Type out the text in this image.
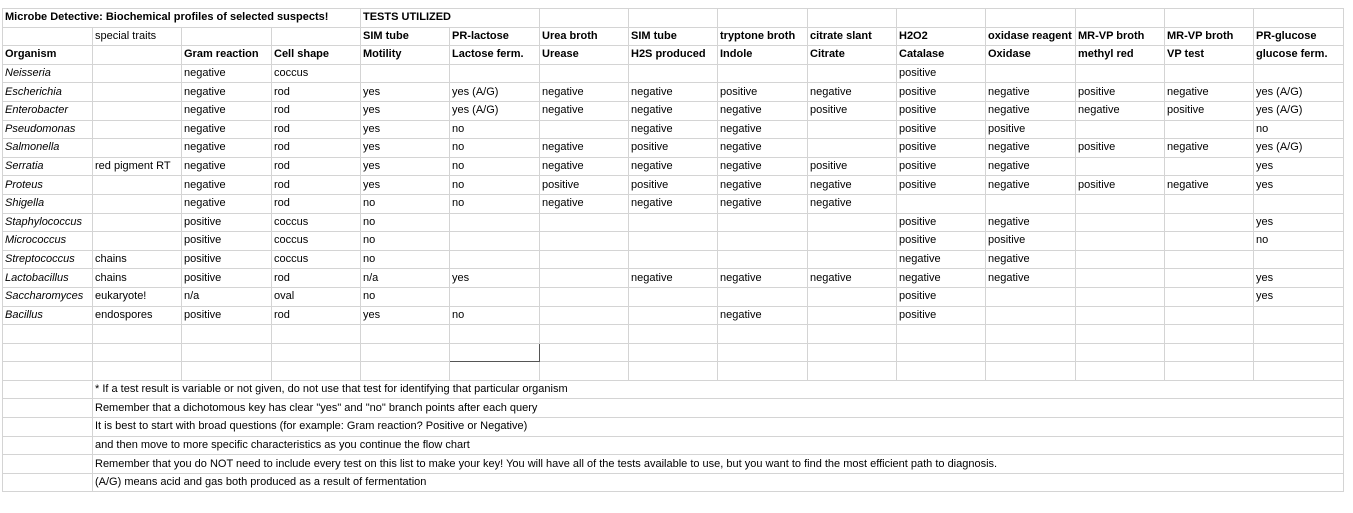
Microbe Detective: Biochemical profiles of selected suspects!				TESTS UTILIZED										
	special traits			SIM tube	PR-lactose	Urea broth	SIM tube	tryptone broth	citrate slant	H2O2	oxidase reagent	MR-VP broth	MR-VP broth	PR-glucose
Organism		Gram reaction	Cell shape	Motility	Lactose ferm.	Urease	H2S produced	Indole	Citrate	Catalase	Oxidase	methyl red	VP test	glucose ferm.
Neisseria		negative	coccus							positive				
Escherichia		negative	rod	yes	yes (A/G)	negative	negative	positive	negative	positive	negative	positive	negative	yes (A/G)
Enterobacter		negative	rod	yes	yes (A/G)	negative	negative	negative	positive	positive	negative	negative	positive	yes (A/G)
Pseudomonas		negative	rod	yes	no		negative	negative		positive	positive			no
Salmonella		negative	rod	yes	no	negative	positive	negative		positive	negative	positive	negative	yes (A/G)
Serratia	red pigment RT	negative	rod	yes	no	negative	negative	negative	positive	positive	negative			yes
Proteus		negative	rod	yes	no	positive	positive	negative	negative	positive	negative	positive	negative	yes
Shigella		negative	rod	no	no	negative	negative	negative	negative					
Staphylococcus		positive	coccus	no						positive	negative			yes
Micrococcus		positive	coccus	no						positive	positive			no
Streptococcus	chains	positive	coccus	no						negative	negative			
Lactobacillus	chains	positive	rod	n/a	yes		negative	negative	negative	negative	negative			yes
Saccharomyces	eukaryote!	n/a	oval	no						positive				yes
Bacillus	endospores	positive	rod	yes	no			negative		positive				

	* If a test result is variable or not given, do not use that test for identifying that particular organism													
	Remember that a dichotomous key has clear "yes" and "no" branch points after each query													
	It is best to start with broad questions (for example: Gram reaction? Positive or Negative)													
	and then move to more specific characteristics as you continue the flow chart													
	Remember that you do NOT need to include every test on this list to make your key! You will have all of the tests available to use, but you want to find the most efficient path to diagnosis.													
	(A/G) means acid and gas both produced as a result of fermentation													
